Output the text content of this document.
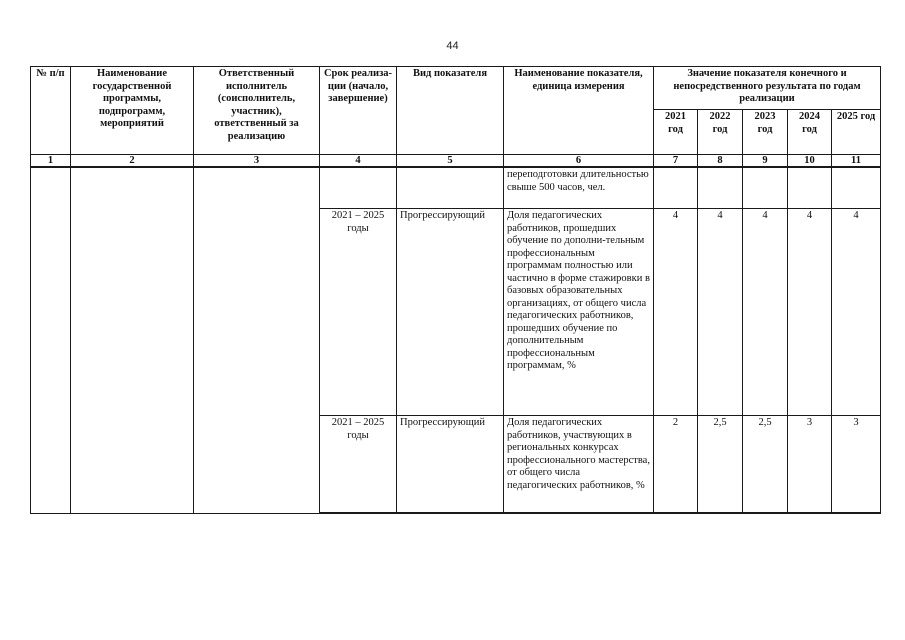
44
№ п/п	Наименование государственной программы, подпрограмм, мероприятий	Ответственный исполнитель (соисполнитель, участник), ответственный за реализацию	Срок реализа-ции (начало, завершение)	Вид показателя	Наименование показателя, единица измерения	Значение показателя конечного и непосредственного результата по годам реализации				
						2021 год	2022 год	2023 год	2024 год	2025 год
1	2	3	4	5	6	7	8	9	10	11
					переподготовки длительностью свыше 500 часов, чел.					
			2021 – 2025 годы	Прогрессирующий	Доля педагогических работников, прошедших обучение по дополни-тельным профессиональным программам полностью или частично в форме стажировки в базовых образовательных организациях, от общего числа педагогических работников, прошедших обучение по дополнительным профессиональным программам, %	4	4	4	4	4
			2021 – 2025 годы	Прогрессирующий	Доля педагогических работников, участвующих в региональных конкурсах профессионального мастерства, от общего числа педагогических работников, %	2	2,5	2,5	3	3
